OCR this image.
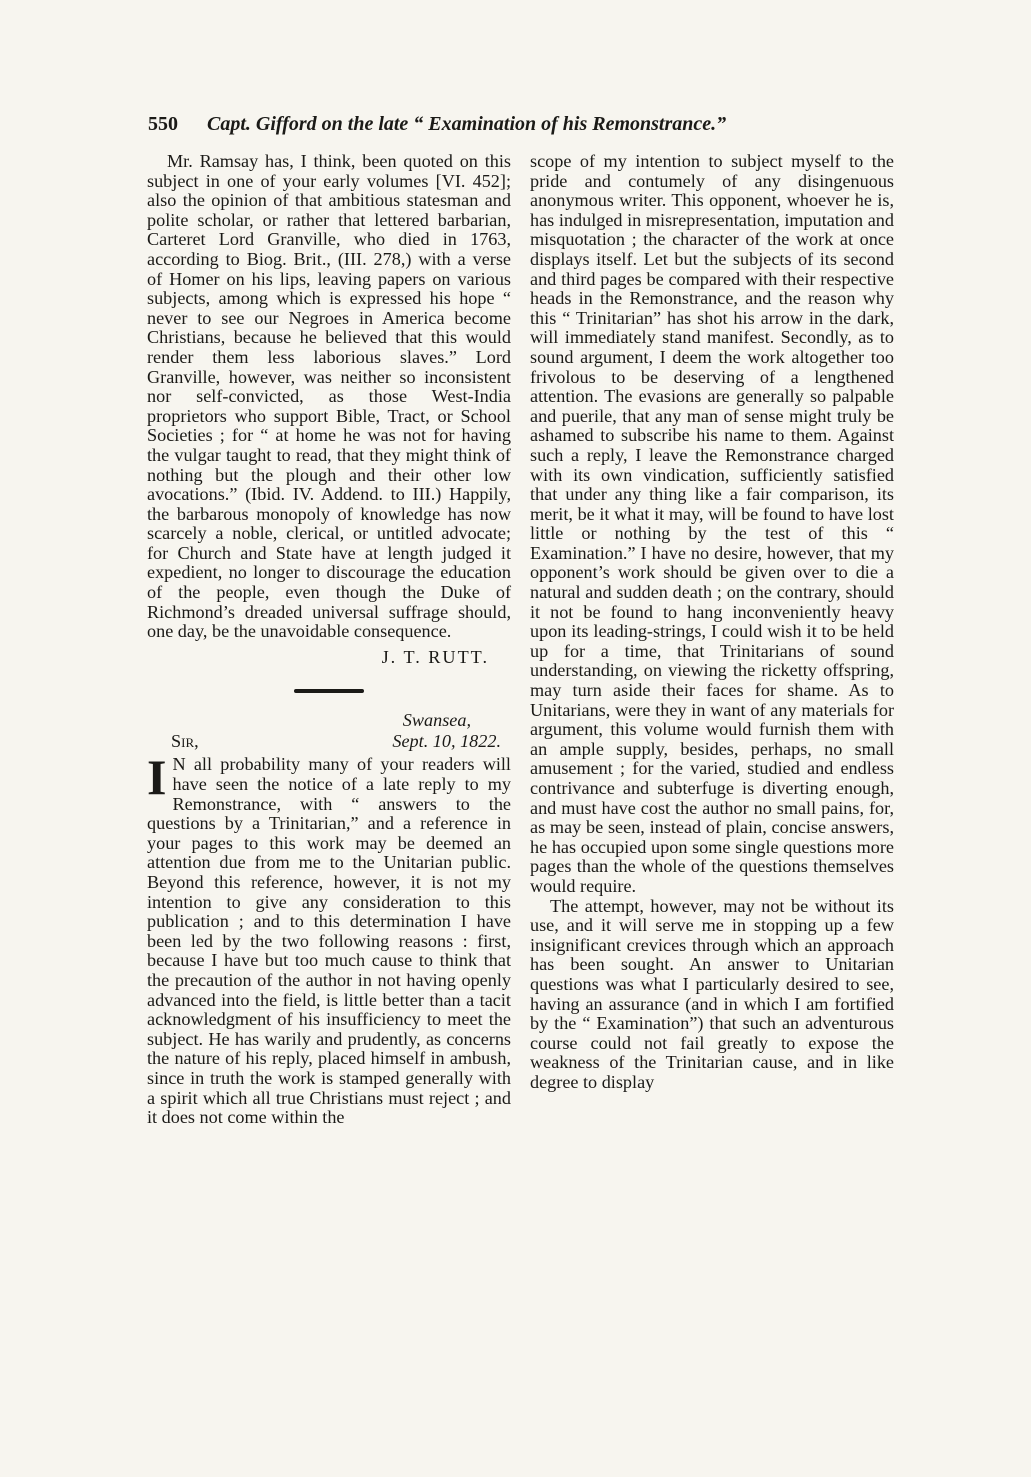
550 Capt. Gifford on the late “ Examination of his Remonstrance.”

Mr. Ramsay has, I think, been quoted on this subject in one of your early volumes [VI. 452]; also the opinion of that ambitious statesman and polite scholar, or rather that lettered barbarian, Carteret Lord Granville, who died in 1763, according to Biog. Brit., (III. 278,) with a verse of Homer on his lips, leaving papers on various subjects, among which is expressed his hope “ never to see our Negroes in America become Christians, because he believed that this would render them less laborious slaves.” Lord Granville, however, was neither so inconsistent nor self-convicted, as those West-India proprietors who support Bible, Tract, or School Societies ; for “ at home he was not for having the vulgar taught to read, that they might think of nothing but the plough and their other low avocations.” (Ibid. IV. Addend. to III.) Happily, the barbarous monopoly of knowledge has now scarcely a noble, clerical, or untitled advocate; for Church and State have at length judged it expedient, no longer to discourage the education of the people, even though the Duke of Richmond’s dreaded universal suffrage should, one day, be the unavoidable consequence.

J. T. RUTT.
Swansea,
Sir,	Sept. 10, 1822.

I N all probability many of your readers will have seen the notice of a late reply to my Remonstrance, with “ answers to the questions by a Trinitarian,” and a reference in your pages to this work may be deemed an attention due from me to the Unitarian public. Beyond this reference, however, it is not my intention to give any consideration to this publication ; and to this determination I have been led by the two following reasons : first, because I have but too much cause to think that the precaution of the author in not having openly advanced into the field, is little better than a tacit acknowledgment of his insufficiency to meet the subject. He has warily and prudently, as concerns the nature of his reply, placed himself in ambush, since in truth the work is stamped generally with a spirit which all true Christians must reject ; and it does not come within the

scope of my intention to subject myself to the pride and contumely of any disingenuous anonymous writer. This opponent, whoever he is, has indulged in misrepresentation, imputation and misquotation ; the character of the work at once displays itself. Let but the subjects of its second and third pages be compared with their respective heads in the Remonstrance, and the reason why this “ Trinitarian” has shot his arrow in the dark, will immediately stand manifest. Secondly, as to sound argument, I deem the work altogether too frivolous to be deserving of a lengthened attention. The evasions are generally so palpable and puerile, that any man of sense might truly be ashamed to subscribe his name to them. Against such a reply, I leave the Remonstrance charged with its own vindication, sufficiently satisfied that under any thing like a fair comparison, its merit, be it what it may, will be found to have lost little or nothing by the test of this “ Examination.” I have no desire, however, that my opponent’s work should be given over to die a natural and sudden death ; on the contrary, should it not be found to hang inconveniently heavy upon its leading-strings, I could wish it to be held up for a time, that Trinitarians of sound understanding, on viewing the ricketty offspring, may turn aside their faces for shame. As to Unitarians, were they in want of any materials for argument, this volume would furnish them with an ample supply, besides, perhaps, no small amusement ; for the varied, studied and endless contrivance and subterfuge is diverting enough, and must have cost the author no small pains, for, as may be seen, instead of plain, concise answers, he has occupied upon some single questions more pages than the whole of the questions themselves would require.

The attempt, however, may not be without its use, and it will serve me in stopping up a few insignificant crevices through which an approach has been sought. An answer to Unitarian questions was what I particularly desired to see, having an assurance (and in which I am fortified by the “ Examination”) that such an adventurous course could not fail greatly to expose the weakness of the Trinitarian cause, and in like degree to display
